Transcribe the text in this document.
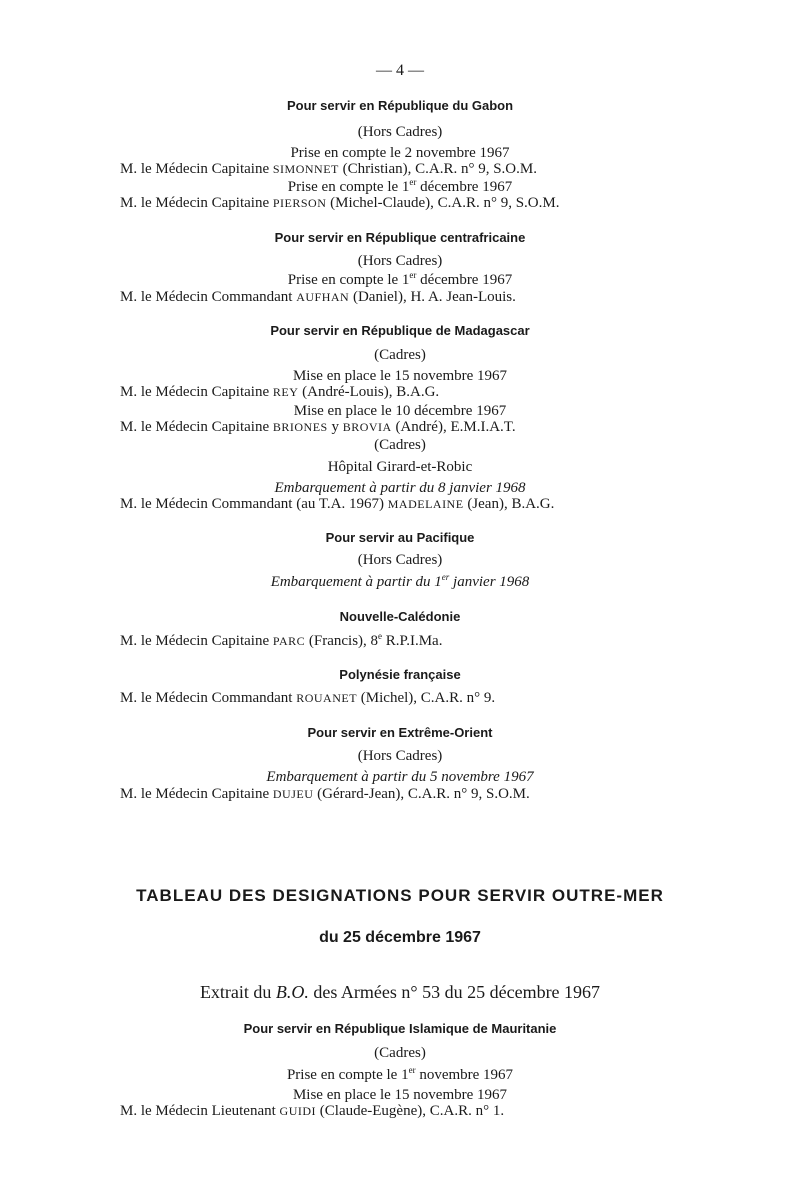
— 4 —
Pour servir en République du Gabon
(Hors Cadres)
Prise en compte le 2 novembre 1967
M. le Médecin Capitaine SIMONNET (Christian), C.A.R. n° 9, S.O.M.
Prise en compte le 1er décembre 1967
M. le Médecin Capitaine PIERSON (Michel-Claude), C.A.R. n° 9, S.O.M.
Pour servir en République centrafricaine
(Hors Cadres)
Prise en compte le 1er décembre 1967
M. le Médecin Commandant AUFHAN (Daniel), H. A. Jean-Louis.
Pour servir en République de Madagascar
(Cadres)
Mise en place le 15 novembre 1967
M. le Médecin Capitaine REY (André-Louis), B.A.G.
Mise en place le 10 décembre 1967
M. le Médecin Capitaine BRIONES y BROVIA (André), E.M.I.A.T.
(Cadres)
Hôpital Girard-et-Robic
Embarquement à partir du 8 janvier 1968
M. le Médecin Commandant (au T.A. 1967) MADELAINE (Jean), B.A.G.
Pour servir au Pacifique
(Hors Cadres)
Embarquement à partir du 1er janvier 1968
Nouvelle-Calédonie
M. le Médecin Capitaine PARC (Francis), 8e R.P.I.Ma.
Polynésie française
M. le Médecin Commandant ROUANET (Michel), C.A.R. n° 9.
Pour servir en Extrême-Orient
(Hors Cadres)
Embarquement à partir du 5 novembre 1967
M. le Médecin Capitaine DUJEU (Gérard-Jean), C.A.R. n° 9, S.O.M.
TABLEAU DES DESIGNATIONS POUR SERVIR OUTRE-MER
du 25 décembre 1967
Extrait du B.O. des Armées n° 53 du 25 décembre 1967
Pour servir en République Islamique de Mauritanie
(Cadres)
Prise en compte le 1er novembre 1967
Mise en place le 15 novembre 1967
M. le Médecin Lieutenant GUIDI (Claude-Eugène), C.A.R. n° 1.
